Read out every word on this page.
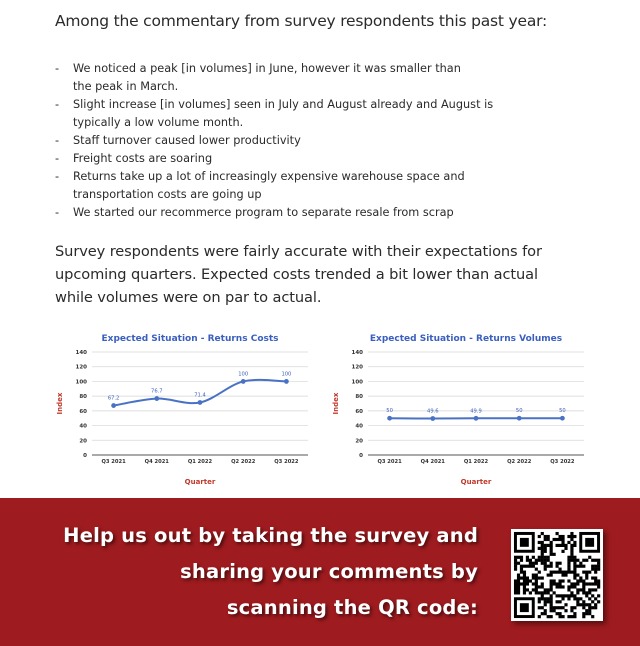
Among the commentary from survey respondents this past year:
- We noticed a peak [in volumes] in June, however it was smaller than
the peak in March.
- Slight increase [in volumes] seen in July and August already and August is
typically a low volume month.
- Staff turnover caused lower productivity
- Freight costs are soaring
- Returns take up a lot of increasingly expensive warehouse space and
transportation costs are going up
- We started our recommerce program to separate resale from scrap
Survey respondents were fairly accurate with their expectations for upcoming quarters. Expected costs trended a bit lower than actual while volumes were on par to actual.
Expected Situation - Returns Costs
0
20
40
60
80
100
120
140
Q3 2021	Q4 2021	Q1 2022	Q2 2022	Q3 2022
Quarter
Index	67.2
76.7
71.4
100	100
Expected Situation - Returns Volumes
0
20
40
60
80
100
120
140
Q3 2021	Q4 2021	Q1 2022	Q2 2022	Q3 2022
Quarter
Index	50	49.6	49.9	50	50
Help us out by taking the survey and
sharing your comments by
scanning the QR code:
